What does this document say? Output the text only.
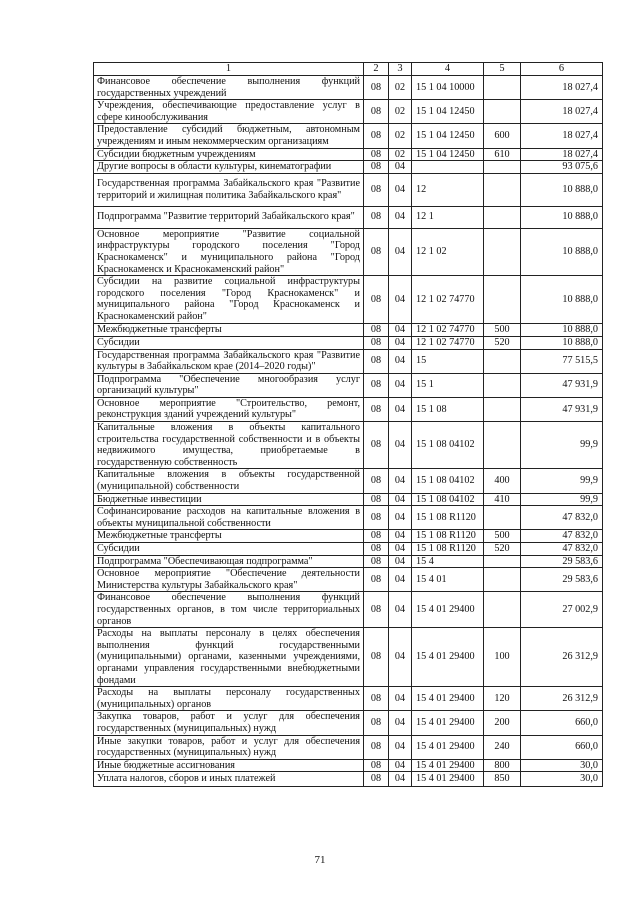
1	2	3	4	5	6
Финансовое обеспечение выполнения функций государственных учреждений	08	02	15 1 04 10000		18 027,4
Учреждения, обеспечивающие предоставление услуг в сфере кинообслуживания	08	02	15 1 04 12450		18 027,4
Предоставление субсидий бюджетным, автономным учреждениям и иным некоммерческим организациям	08	02	15 1 04 12450	600	18 027,4
Субсидии бюджетным учреждениям	08	02	15 1 04 12450	610	18 027,4
Другие вопросы в области культуры, кинематографии	08	04			93 075,6
Государственная программа Забайкальского края "Развитие территорий и жилищная политика Забайкальского края"	08	04	12		10 888,0
Подпрограмма "Развитие территорий Забайкальского края"	08	04	12 1		10 888,0
Основное мероприятие "Развитие социальной инфраструктуры городского поселения "Город Краснокаменск" и муниципального района "Город Краснокаменск и Краснокаменский район"	08	04	12 1 02		10 888,0
Субсидии на развитие социальной инфраструктуры городского поселения "Город Краснокаменск" и муниципального района "Город Краснокаменск и Краснокаменский район"	08	04	12 1 02 74770		10 888,0
Межбюджетные трансферты	08	04	12 1 02 74770	500	10 888,0
Субсидии	08	04	12 1 02 74770	520	10 888,0
Государственная программа Забайкальского края "Развитие культуры в Забайкальском крае (2014–2020 годы)"	08	04	15		77 515,5
Подпрограмма "Обеспечение многообразия услуг организаций культуры"	08	04	15 1		47 931,9
Основное мероприятие "Строительство, ремонт, реконструкция зданий учреждений культуры"	08	04	15 1 08		47 931,9
Капитальные вложения в объекты капитального строительства государственной собственности и в объекты недвижимого имущества, приобретаемые в государственную собственность	08	04	15 1 08 04102		99,9
Капитальные вложения в объекты государственной (муниципальной) собственности	08	04	15 1 08 04102	400	99,9
Бюджетные инвестиции	08	04	15 1 08 04102	410	99,9
Софинансирование расходов на капитальные вложения в объекты муниципальной собственности	08	04	15 1 08 R1120		47 832,0
Межбюджетные трансферты	08	04	15 1 08 R1120	500	47 832,0
Субсидии	08	04	15 1 08 R1120	520	47 832,0
Подпрограмма "Обеспечивающая подпрограмма"	08	04	15 4		29 583,6
Основное мероприятие "Обеспечение деятельности Министерства культуры Забайкальского края"	08	04	15 4 01		29 583,6
Финансовое обеспечение выполнения функций государственных органов, в том числе территориальных органов	08	04	15 4 01 29400		27 002,9
Расходы на выплаты персоналу в целях обеспечения выполнения функций государственными (муниципальными) органами, казенными учреждениями, органами управления государственными внебюджетными фондами	08	04	15 4 01 29400	100	26 312,9
Расходы на выплаты персоналу государственных (муниципальных) органов	08	04	15 4 01 29400	120	26 312,9
Закупка товаров, работ и услуг для обеспечения государственных (муниципальных) нужд	08	04	15 4 01 29400	200	660,0
Иные закупки товаров, работ и услуг для обеспечения государственных (муниципальных) нужд	08	04	15 4 01 29400	240	660,0
Иные бюджетные ассигнования	08	04	15 4 01 29400	800	30,0
Уплата налогов, сборов и иных платежей	08	04	15 4 01 29400	850	30,0
71
